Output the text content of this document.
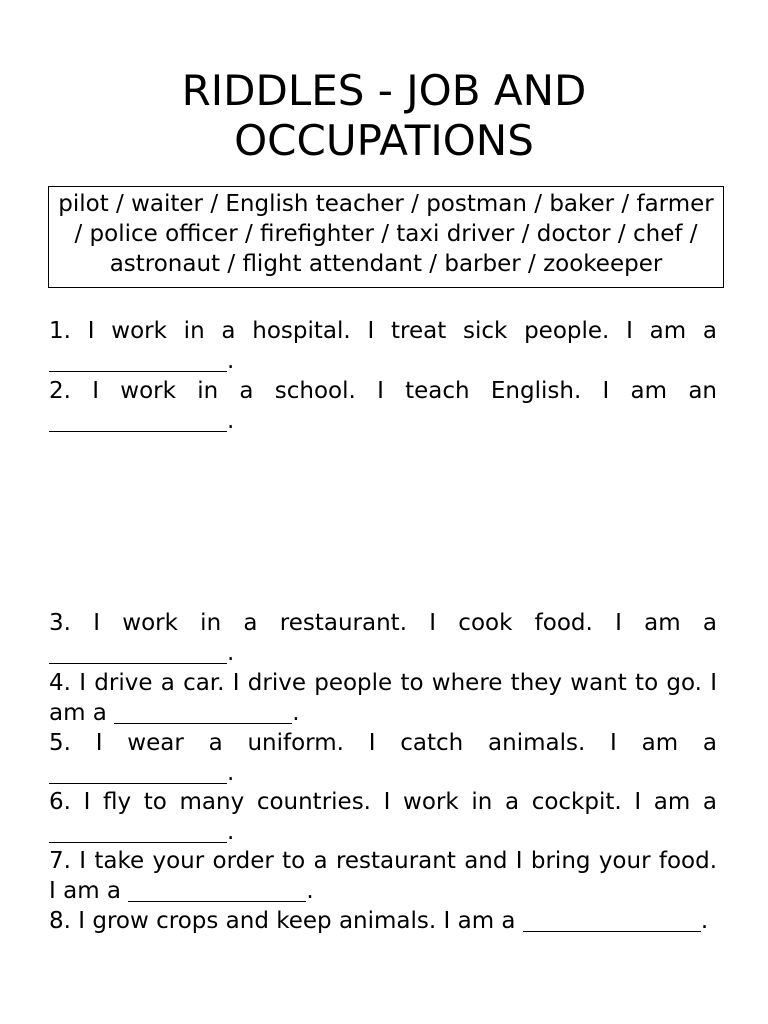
RIDDLES - JOB AND OCCUPATIONS
pilot / waiter / English teacher / postman / baker / farmer / police officer / firefighter / taxi driver / doctor / chef / astronaut / flight attendant / barber / zookeeper

1. I work in a hospital. I treat sick people. I am a .

2. I work in a school. I teach English. I am an .

3. I work in a restaurant. I cook food. I am a .

4. I drive a car. I drive people to where they want to go. I am a	.

5. I wear a uniform. I catch animals. I am a .

6. I fly to many countries. I work in a cockpit. I am a .

7. I take your order to a restaurant and I bring your food. I am a	.

8. I grow crops and keep animals. I am a	.
